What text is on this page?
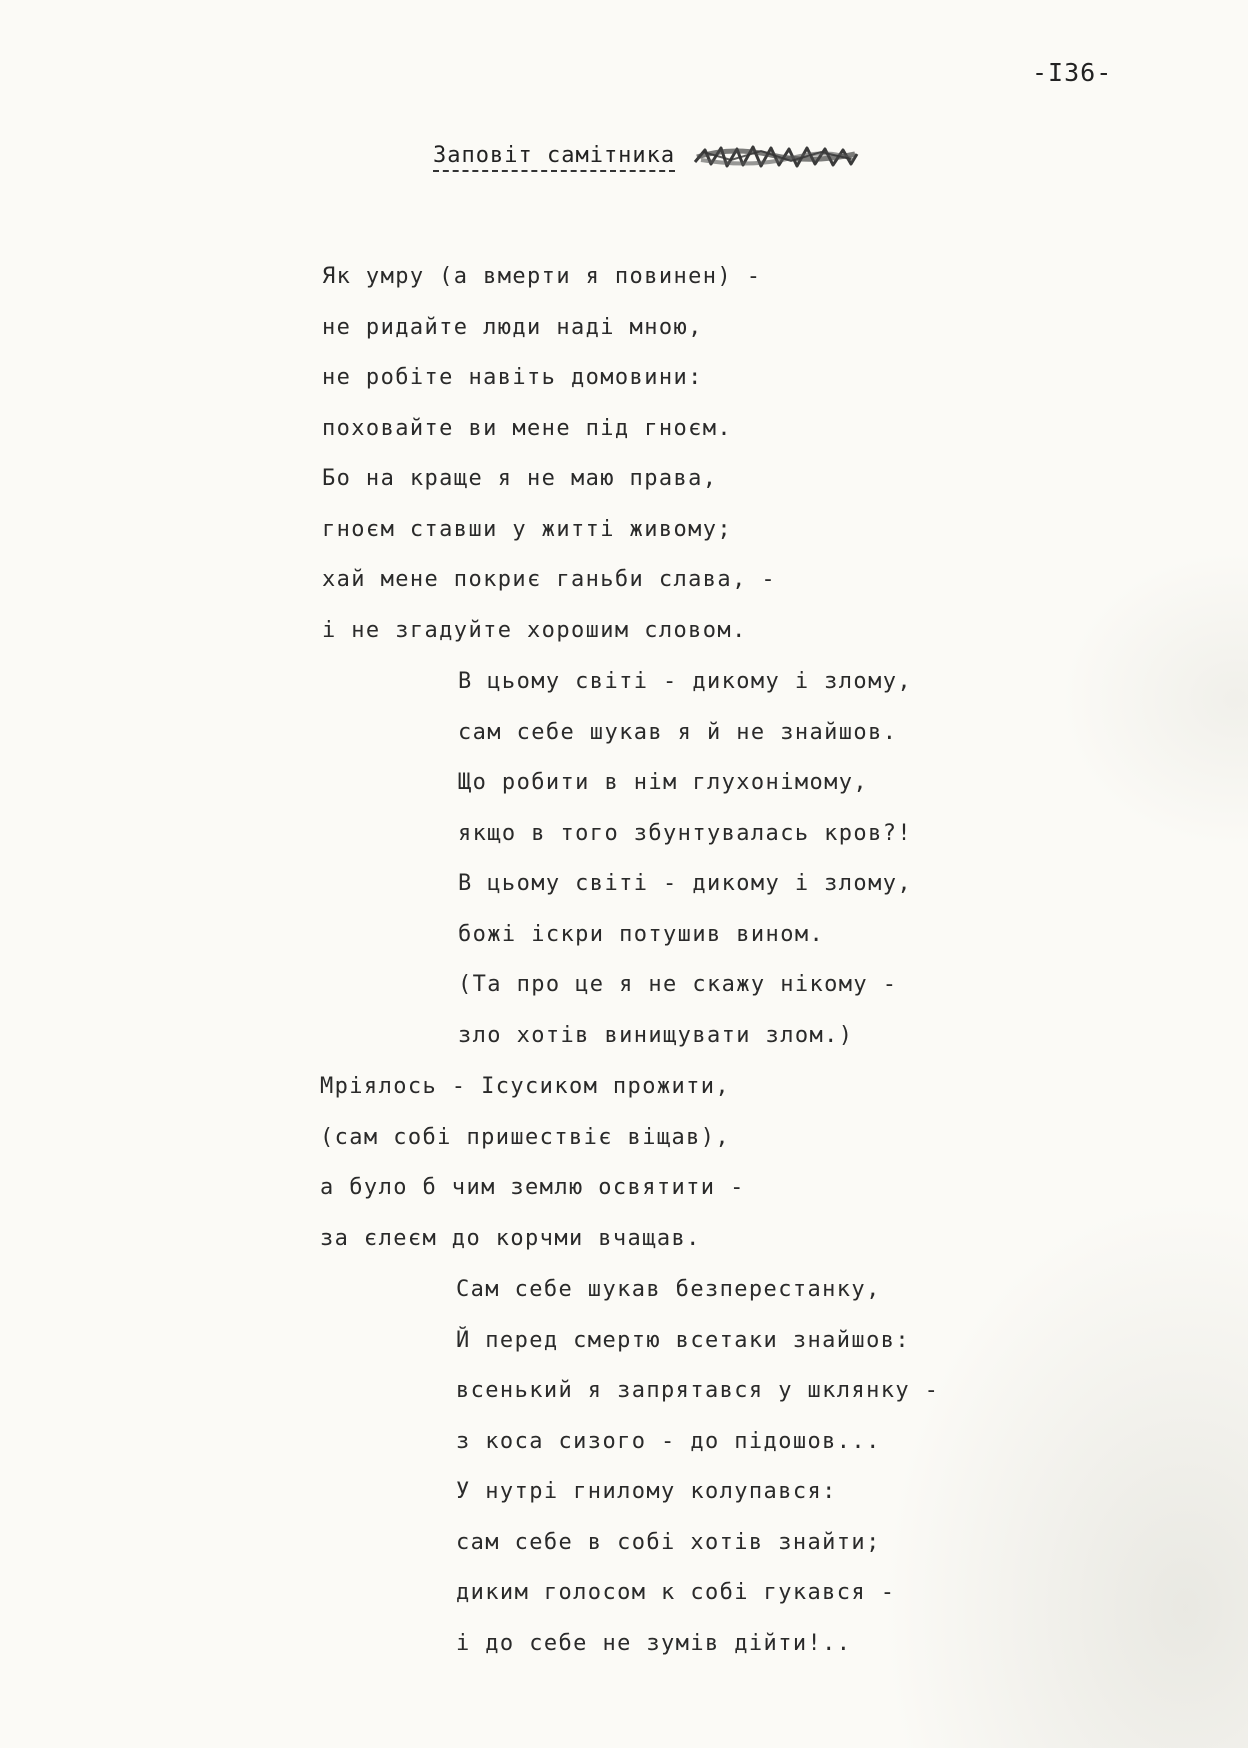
-I36-
Заповіт самітника
Як умру (а вмерти я повинен) -
не ридайте люди наді мною,
не робіте навіть домовини:
поховайте ви мене під гноєм.
Бо на краще я не маю права,
гноєм ставши у житті живому;
хай мене покриє ганьби слава, -
і не згадуйте хорошим словом.
В цьому світі - дикому і злому,
сам себе шукав я й не знайшов.
Що робити в нім глухонімому,
якщо в того збунтувалась кров?!
В цьому світі - дикому і злому,
божі іскри потушив вином.
(Та про це я не скажу нікому -
зло хотів винищувати злом.)
Мріялось - Ісусиком прожити,
(сам собі пришествіє віщав),
а було б чим землю освятити -
за єлеєм до корчми вчащав.
Сам себе шукав безперестанку,
Й перед смертю всетаки знайшов:
всенький я запрятався у шклянку -
з коса сизого - до підошов...
У нутрі гнилому колупався:
сам себе в собі хотів знайти;
диким голосом к собі гукався -
і до себе не зумів дійти!..
